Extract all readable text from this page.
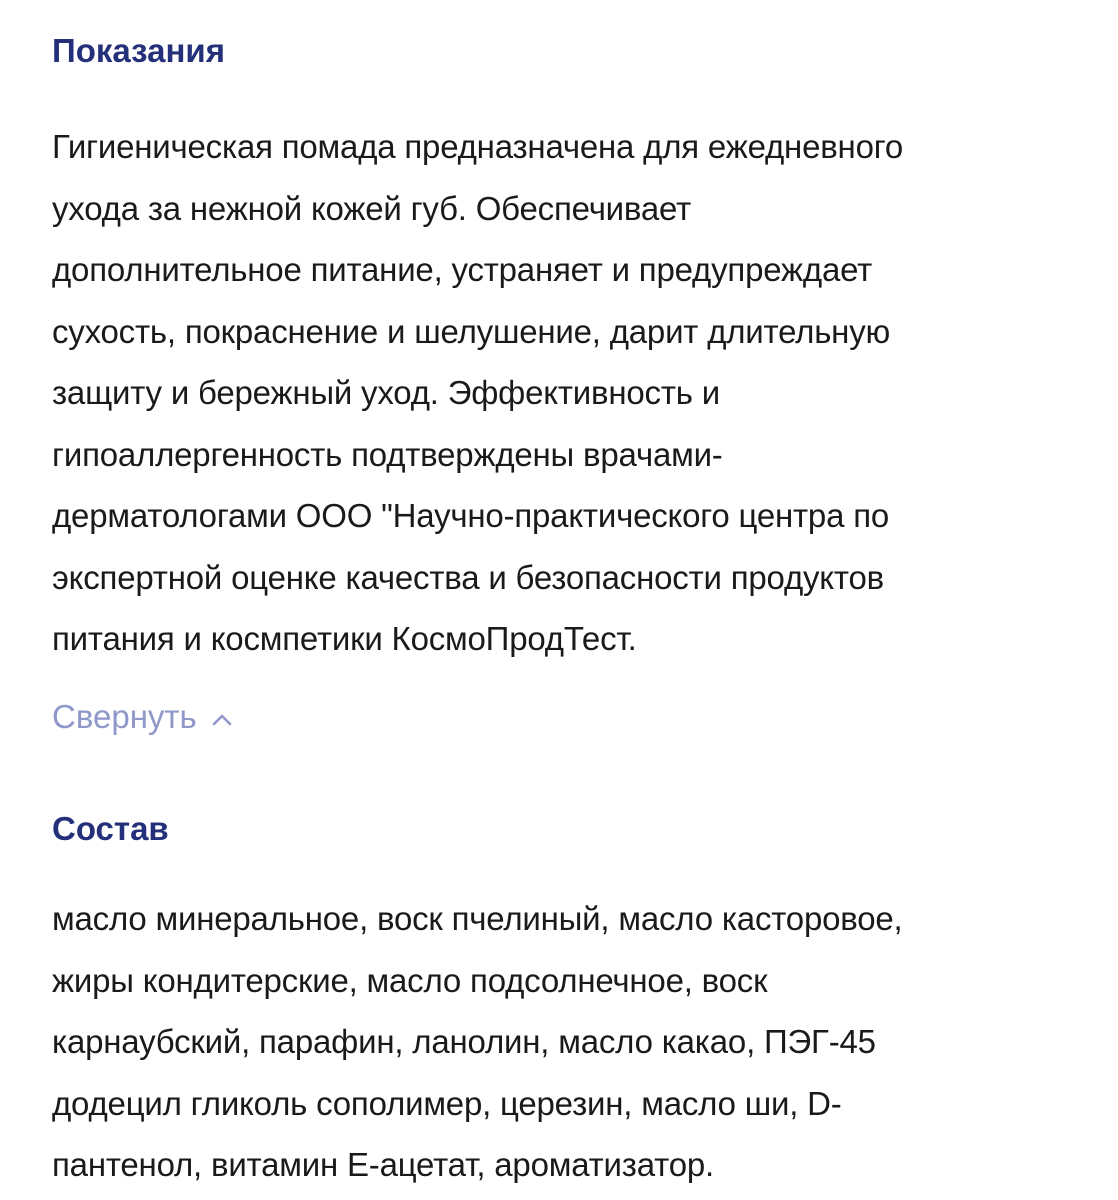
Показания
Гигиеническая помада предназначена для ежедневного
ухода за нежной кожей губ. Обеспечивает
дополнительное питание, устраняет и предупреждает
сухость, покраснение и шелушение, дарит длительную
защиту и бережный уход. Эффективность и
гипоаллергенность подтверждены врачами-
дерматологами ООО "Научно-практического центра по
экспертной оценке качества и безопасности продуктов
питания и космпетики КосмоПродТест.
Свернуть
Состав
масло минеральное, воск пчелиный, масло касторовое,
жиры кондитерские, масло подсолнечное, воск
карнаубский, парафин, ланолин, масло какао, ПЭГ-45
додецил гликоль сополимер, церезин, масло ши, D-
пантенол, витамин Е-ацетат, ароматизатор.
